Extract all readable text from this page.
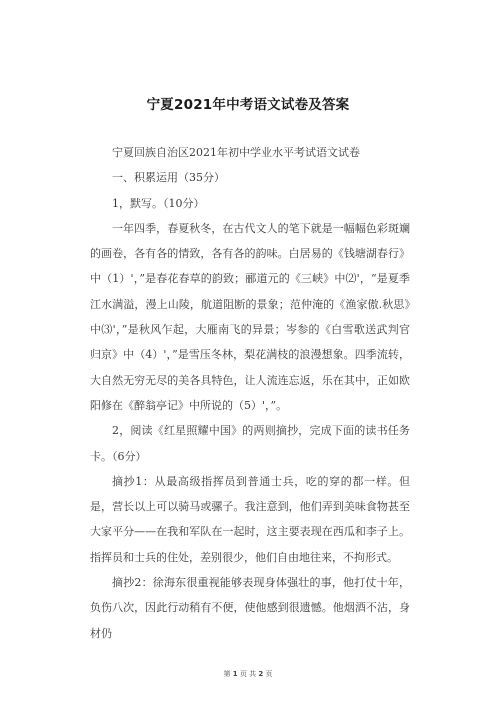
宁夏2021年中考语文试卷及答案

宁夏回族自治区2021年初中学业水平考试语文试卷

一、积累运用（35分）

1，默写。（10分）

一年四季，春夏秋冬，在古代文人的笔下就是一幅幅色彩斑斓的画卷，各有各的情致，各有各的韵味。白居易的《钱塘湖春行》中（1）'，”是春花春草的韵致；郦道元的《三峡》中⑵'，“是夏季江水满溢，漫上山陵，航道阻断的景象；范仲淹的《渔家傲.秋思》中⑶'，”是秋风乍起，大雁南飞的异景；岑参的《白雪歌送武判官归京》中（4）'，”是雪压冬林，梨花满枝的浪漫想象。四季流转，大自然无穷无尽的美各具特色，让人流连忘返，乐在其中，正如欧阳修在《醉翁亭记》中所说的（5）'，”。

2，阅读《红星照耀中国》的两则摘抄，完成下面的读书任务卡。（6分）

摘抄1：从最高级指挥员到普通士兵，吃的穿的都一样。但是，营长以上可以骑马或骡子。我注意到，他们弄到美味食物甚至大家平分——在我和军队在一起时，这主要表现在西瓜和李子上。指挥员和士兵的住处，差别很少，他们自由地往来，不拘形式。

摘抄2：徐海东很重视能够表现身体强壮的事，他打仗十年，负伤八次，因此行动稍有不便，使他感到很遗憾。他烟酒不沾，身材仍

第 1 页 共 2 页
